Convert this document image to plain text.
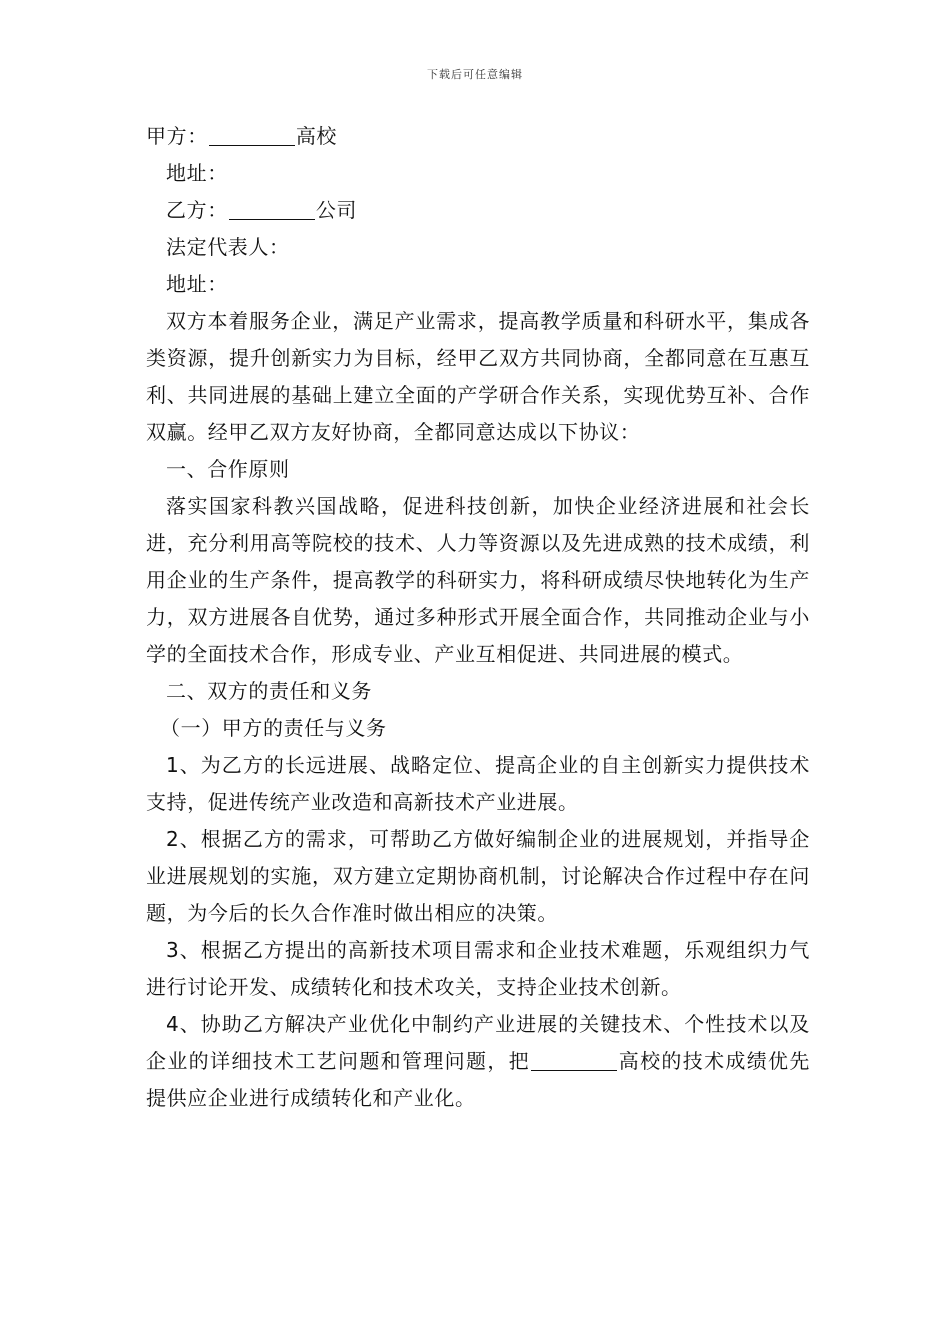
下载后可任意编辑
甲方：	高校
地址：
乙方：	公司
法定代表人：
地址：
双方本着服务企业，满足产业需求，提高教学质量和科研水平，集成各类资源，提升创新实力为目标，经甲乙双方共同协商，全都同意在互惠互利、共同进展的基础上建立全面的产学研合作关系，实现优势互补、合作双赢。经甲乙双方友好协商，全都同意达成以下协议：
一、合作原则
落实国家科教兴国战略，促进科技创新，加快企业经济进展和社会长进，充分利用高等院校的技术、人力等资源以及先进成熟的技术成绩，利用企业的生产条件，提高教学的科研实力，将科研成绩尽快地转化为生产力，双方进展各自优势，通过多种形式开展全面合作，共同推动企业与小学的全面技术合作，形成专业、产业互相促进、共同进展的模式。
二、双方的责任和义务
（一）甲方的责任与义务
1、为乙方的长远进展、战略定位、提高企业的自主创新实力提供技术支持，促进传统产业改造和高新技术产业进展。
2、根据乙方的需求，可帮助乙方做好编制企业的进展规划，并指导企业进展规划的实施，双方建立定期协商机制，讨论解决合作过程中存在问题，为今后的长久合作准时做出相应的决策。
3、根据乙方提出的高新技术项目需求和企业技术难题，乐观组织力气进行讨论开发、成绩转化和技术攻关，支持企业技术创新。
4、协助乙方解决产业优化中制约产业进展的关键技术、个性技术以及企业的详细技术工艺问题和管理问题，把	高校的技术成绩优先提供应企业进行成绩转化和产业化。
